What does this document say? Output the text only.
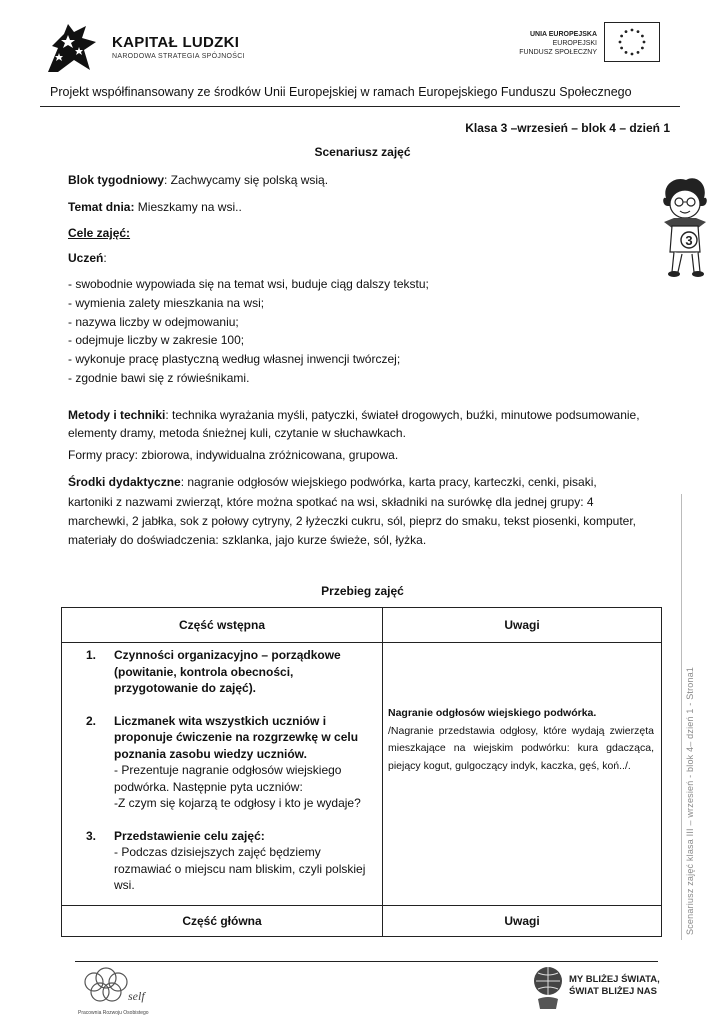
KAPITAŁ LUDZKI
NARODOWA STRATEGIA SPÓJNOŚCI
UNIA EUROPEJSKA
EUROPEJSKI
FUNDUSZ SPOŁECZNY
Projekt współfinansowany ze środków Unii Europejskiej w ramach Europejskiego Funduszu Społecznego
Klasa 3 –wrzesień – blok 4 – dzień 1
Scenariusz zajęć
Blok tygodniowy: Zachwycamy się polską wsią.
Temat dnia: Mieszkamy na wsi..
Cele zajęć:
Uczeń:
- swobodnie wypowiada się na temat wsi, buduje ciąg dalszy tekstu;
- wymienia zalety mieszkania na wsi;
- nazywa liczby w odejmowaniu;
- odejmuje liczby w zakresie 100;
- wykonuje pracę plastyczną według własnej inwencji twórczej;
- zgodnie bawi się z rówieśnikami.
Metody i techniki: technika wyrażania myśli, patyczki, świateł drogowych, buźki, minutowe podsumowanie,
elementy dramy, metoda śnieżnej kuli, czytanie w słuchawkach.
Formy pracy: zbiorowa, indywidualna zróżnicowana, grupowa.
Środki dydaktyczne: nagranie odgłosów wiejskiego podwórka, karta pracy, karteczki, cenki, pisaki,
kartoniki z nazwami zwierząt, które można spotkać na wsi, składniki na surówkę dla jednej grupy: 4
marchewki, 2 jabłka, sok z połowy cytryny, 2 łyżeczki cukru, sól, pieprz do smaku, tekst piosenki, komputer,
materiały do doświadczenia: szklanka, jajo kurze świeże, sól, łyżka.
Przebieg zajęć
3
Scenariusz zajęć klasa III – wrzesień - blok 4– dzień 1 - Strona1
Część wstępna	Uwagi
1.	Czynności organizacyjno – porządkowe
(powitanie, kontrola obecności,
przygotowanie do zajęć).
2.	Liczmanek wita wszystkich uczniów i
proponuje ćwiczenie na rozgrzewkę w celu
poznania zasobu wiedzy uczniów.
- Prezentuje nagranie odgłosów wiejskiego
podwórka. Następnie pyta uczniów:
-Z czym się kojarzą te odgłosy i kto je wydaje?
3.	Przedstawienie celu zajęć:
- Podczas dzisiejszych zajęć będziemy
rozmawiać o miejscu nam bliskim, czyli polskiej
wsi.
Nagranie odgłosów wiejskiego podwórka.
/Nagranie przedstawia odgłosy, które wydają zwierzęta mieszkające na wiejskim podwórku: kura gdacząca, piejący kogut, gulgoczący indyk, kaczka, gęś, koń../.
Część główna	Uwagi
self
Pracownia Rozwoju Osobistego
MY BLIŻEJ ŚWIATA,
ŚWIAT BLIŻEJ NAS
